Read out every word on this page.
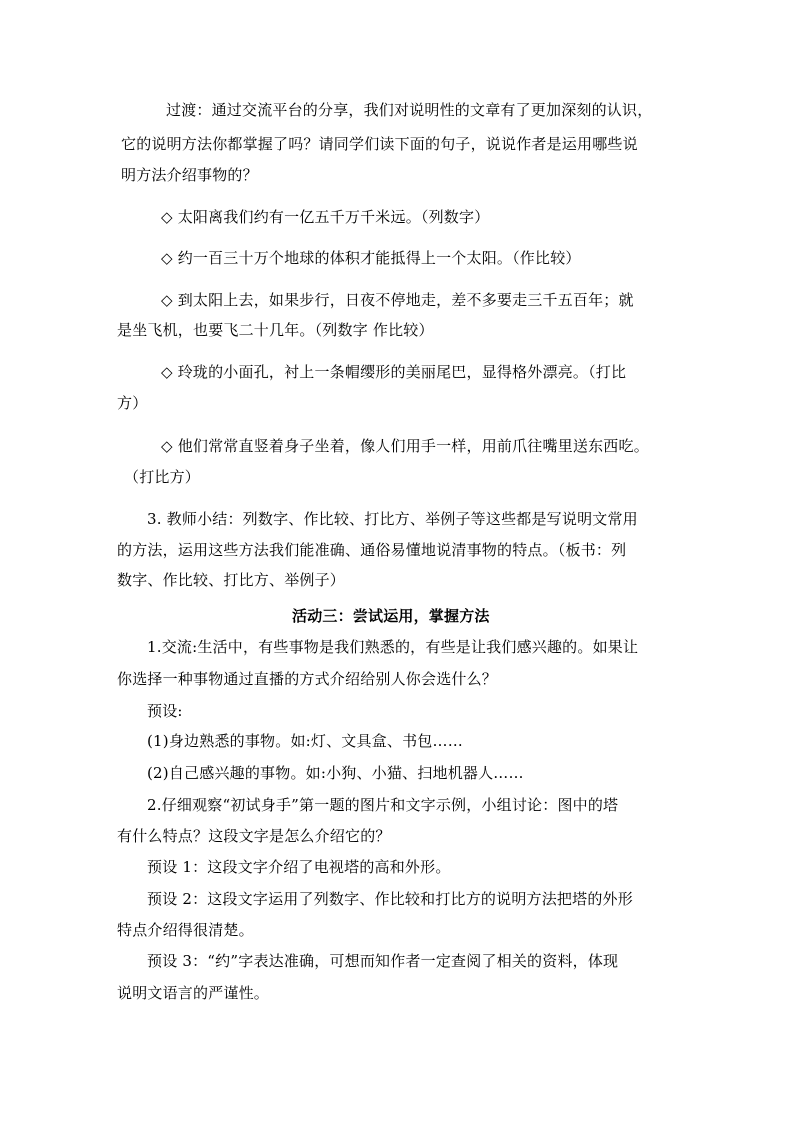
过渡：通过交流平台的分享，我们对说明性的文章有了更加深刻的认识，
它的说明方法你都掌握了吗？请同学们读下面的句子，说说作者是运用哪些说
明方法介绍事物的？
◇ 太阳离我们约有一亿五千万千米远。（列数字）
◇ 约一百三十万个地球的体积才能抵得上一个太阳。（作比较）
◇ 到太阳上去，如果步行，日夜不停地走，差不多要走三千五百年；就
是坐飞机，也要飞二十几年。（列数字 作比较）
◇ 玲珑的小面孔，衬上一条帽缨形的美丽尾巴，显得格外漂亮。（打比
方）
◇ 他们常常直竖着身子坐着，像人们用手一样，用前爪往嘴里送东西吃。
（打比方）
3. 教师小结：列数字、作比较、打比方、举例子等这些都是写说明文常用
的方法，运用这些方法我们能准确、通俗易懂地说清事物的特点。（板书：列
数字、作比较、打比方、举例子）
活动三：尝试运用，掌握方法
1.交流:生活中，有些事物是我们熟悉的，有些是让我们感兴趣的。如果让
你选择一种事物通过直播的方式介绍给别人你会选什么？
预设:
(1)身边熟悉的事物。如:灯、文具盒、书包……
(2)自己感兴趣的事物。如:小狗、小猫、扫地机器人……
2.仔细观察“初试身手”第一题的图片和文字示例，小组讨论：图中的塔
有什么特点？这段文字是怎么介绍它的？
预设 1：这段文字介绍了电视塔的高和外形。
预设 2：这段文字运用了列数字、作比较和打比方的说明方法把塔的外形
特点介绍得很清楚。
预设 3：“约”字表达准确，可想而知作者一定查阅了相关的资料，体现
说明文语言的严谨性。
